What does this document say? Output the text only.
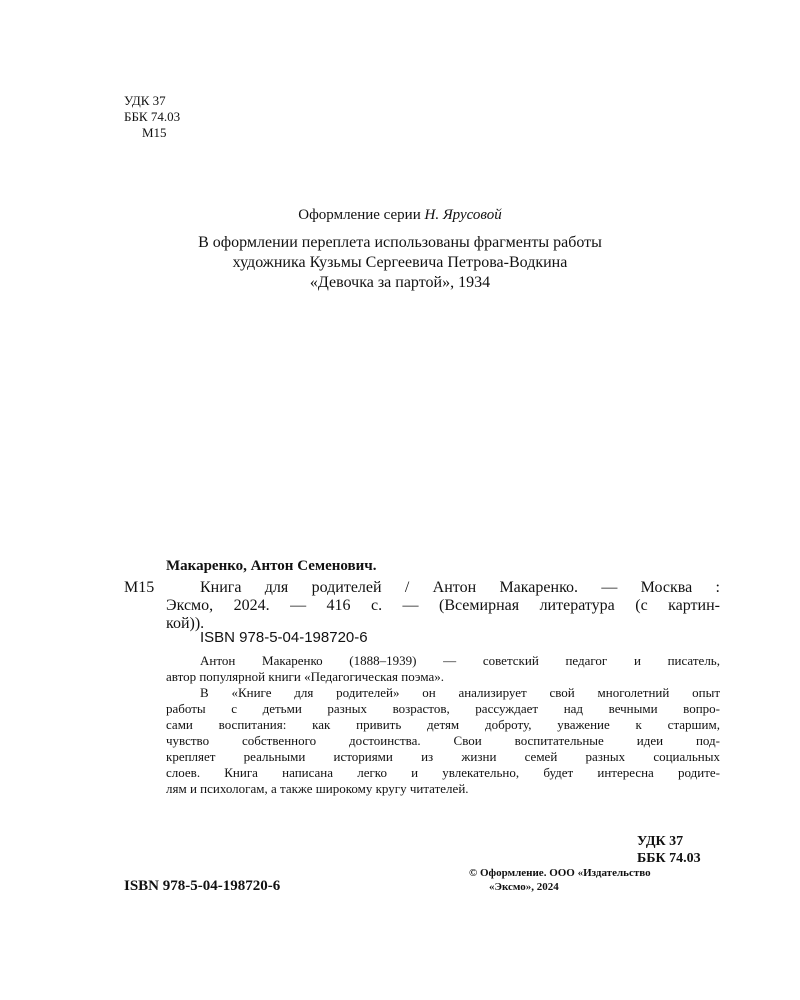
УДК 37
ББК 74.03
М15
Оформление серии Н. Ярусовой
В оформлении переплета использованы фрагменты работы
художника Кузьмы Сергеевича Петрова-Водкина
«Девочка за партой», 1934
Макаренко, Антон Семенович.
М15	Книга для родителей / Антон Макаренко. — Москва :
Эксмо, 2024. — 416 с. — (Всемирная литература (с картин-
кой)).
ISBN 978-5-04-198720-6
Антон Макаренко (1888–1939) — советский педагог и писатель,
автор популярной книги «Педагогическая поэма».
В «Книге для родителей» он анализирует свой многолетний опыт
работы с детьми разных возрастов, рассуждает над вечными вопро-
сами воспитания: как привить детям доброту, уважение к старшим,
чувство собственного достоинства. Свои воспитательные идеи под-
крепляет реальными историями из жизни семей разных социальных
слоев. Книга написана легко и увлекательно, будет интересна родите-
лям и психологам, а также широкому кругу читателей.
УДК 37
ББК 74.03
ISBN 978-5-04-198720-6
© Оформление. ООО «Издательство
«Эксмо», 2024
